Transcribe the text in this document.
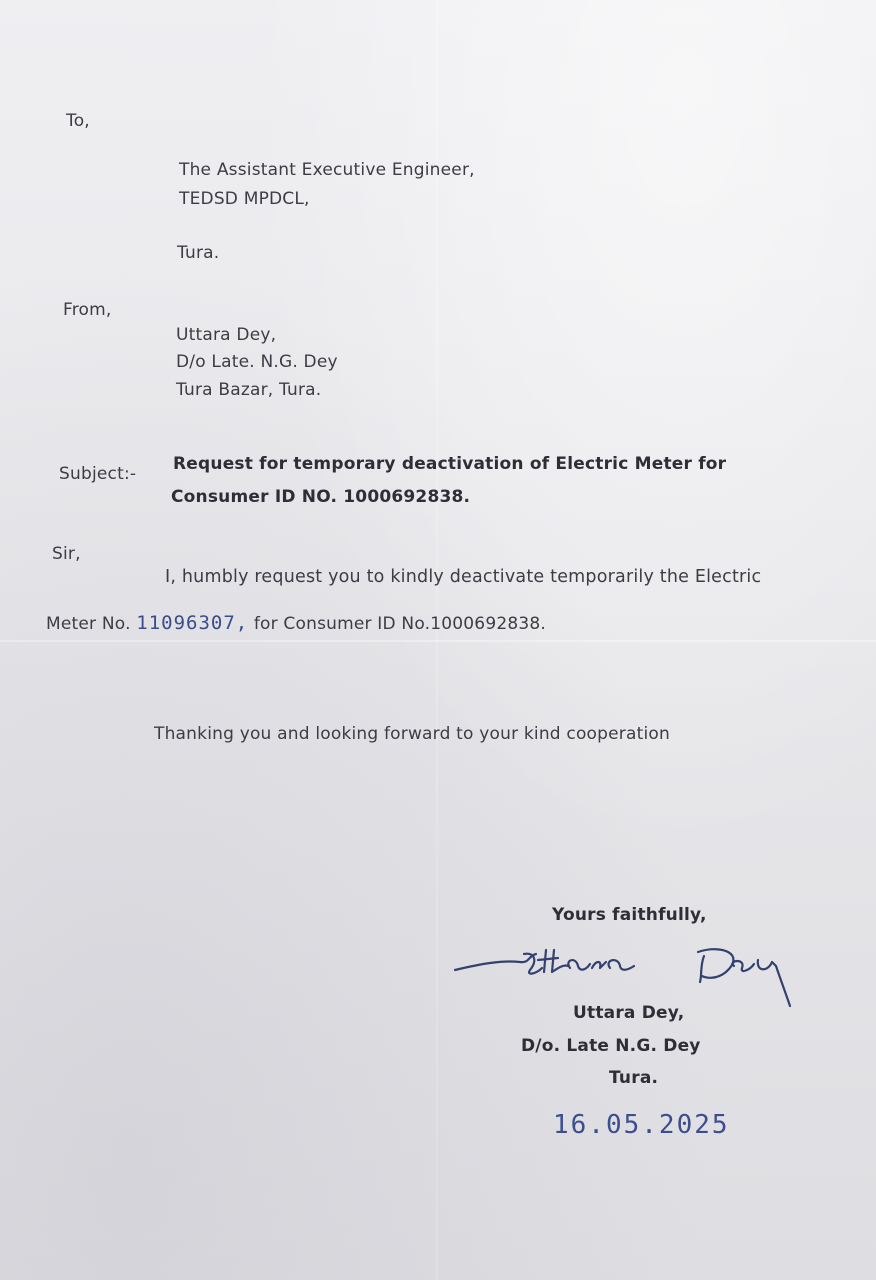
To,
The Assistant Executive Engineer,
TEDSD MPDCL,
Tura.
From,
Uttara Dey,
D/o Late. N.G. Dey
Tura Bazar, Tura.
Subject:- Request for temporary deactivation of Electric Meter for
Consumer ID NO. 1000692838.
Sir,
I, humbly request you to kindly deactivate temporarily the Electric
Meter No. 11096307, for Consumer ID No.1000692838.
Thanking you and looking forward to your kind cooperation
Yours faithfully,
Uttara Dey,
D/o. Late N.G. Dey
Tura.
16.05.2025
